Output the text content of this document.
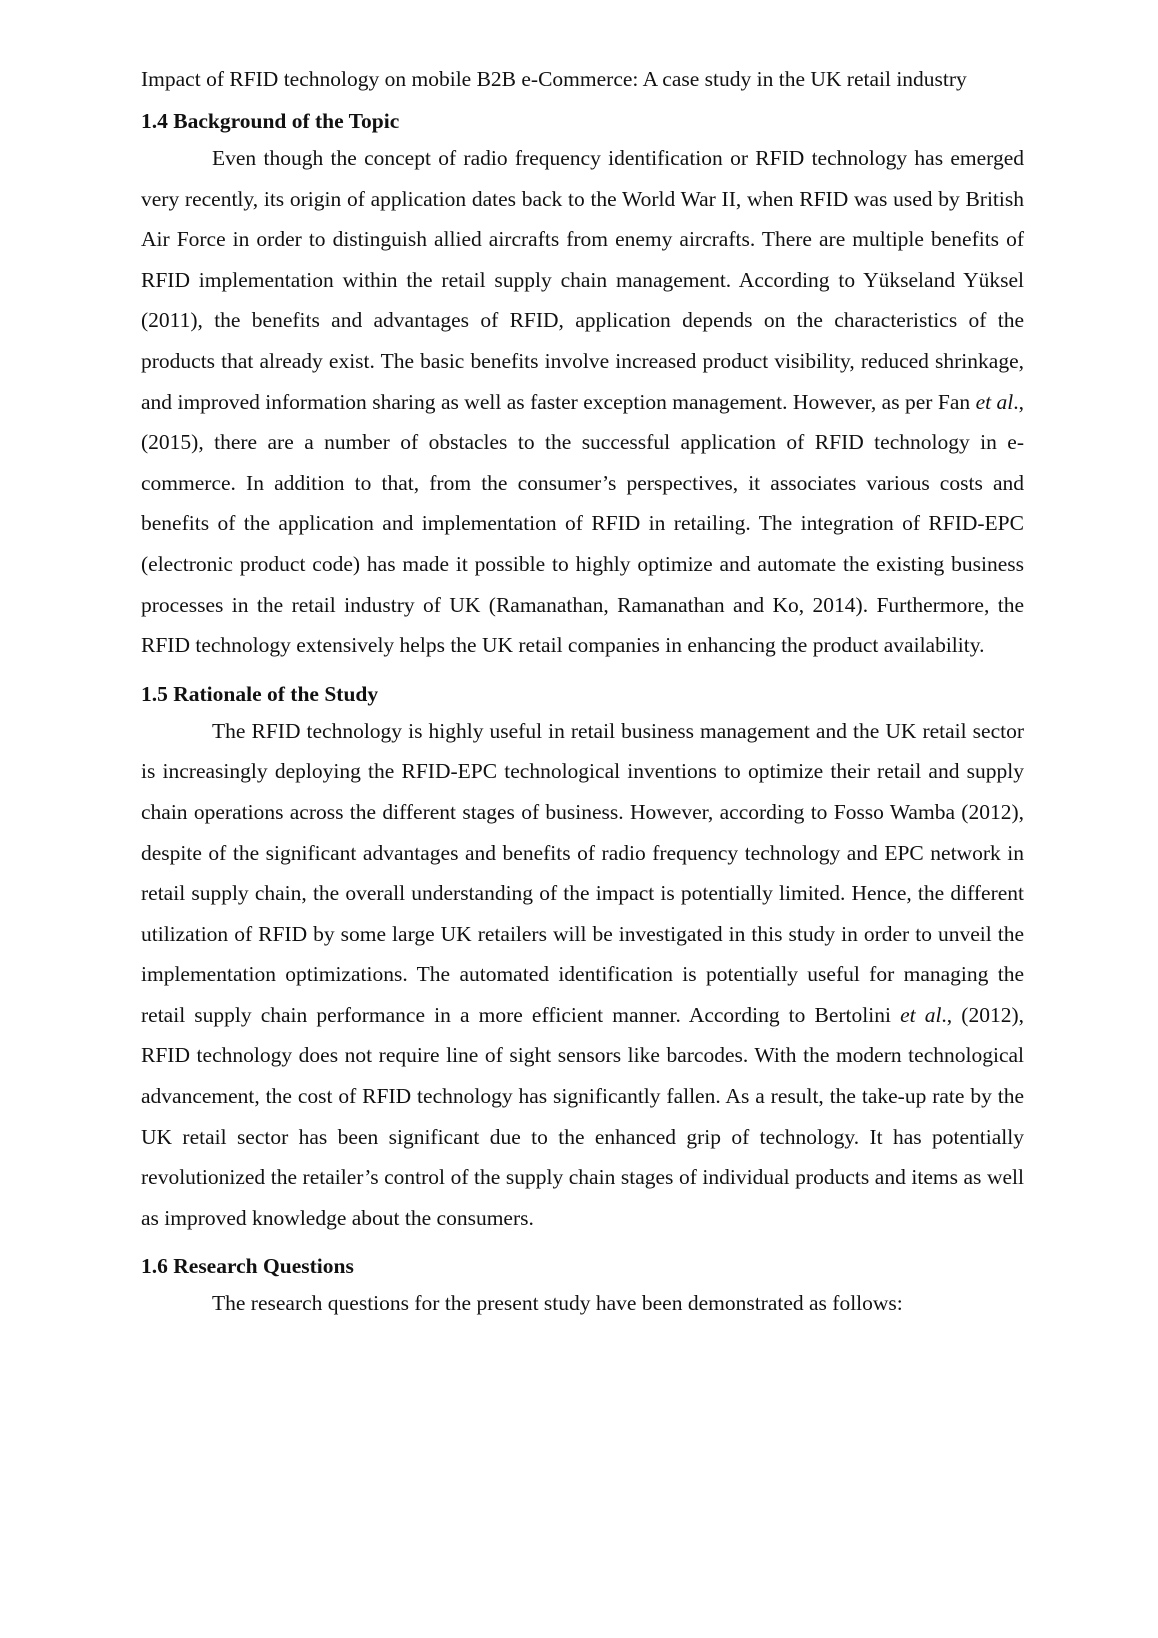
Impact of RFID technology on mobile B2B e-Commerce: A case study in the UK retail industry

1.4 Background of the Topic

Even though the concept of radio frequency identification or RFID technology has emerged very recently, its origin of application dates back to the World War II, when RFID was used by British Air Force in order to distinguish allied aircrafts from enemy aircrafts. There are multiple benefits of RFID implementation within the retail supply chain management. According to Yükseland Yüksel (2011), the benefits and advantages of RFID, application depends on the characteristics of the products that already exist. The basic benefits involve increased product visibility, reduced shrinkage, and improved information sharing as well as faster exception management. However, as per Fan et al., (2015), there are a number of obstacles to the successful application of RFID technology in e-commerce. In addition to that, from the consumer’s perspectives, it associates various costs and benefits of the application and implementation of RFID in retailing. The integration of RFID-EPC (electronic product code) has made it possible to highly optimize and automate the existing business processes in the retail industry of UK (Ramanathan, Ramanathan and Ko, 2014). Furthermore, the RFID technology extensively helps the UK retail companies in enhancing the product availability.

1.5 Rationale of the Study

The RFID technology is highly useful in retail business management and the UK retail sector is increasingly deploying the RFID-EPC technological inventions to optimize their retail and supply chain operations across the different stages of business. However, according to Fosso Wamba (2012), despite of the significant advantages and benefits of radio frequency technology and EPC network in retail supply chain, the overall understanding of the impact is potentially limited. Hence, the different utilization of RFID by some large UK retailers will be investigated in this study in order to unveil the implementation optimizations. The automated identification is potentially useful for managing the retail supply chain performance in a more efficient manner. According to Bertolini et al., (2012), RFID technology does not require line of sight sensors like barcodes. With the modern technological advancement, the cost of RFID technology has significantly fallen. As a result, the take-up rate by the UK retail sector has been significant due to the enhanced grip of technology. It has potentially revolutionized the retailer’s control of the supply chain stages of individual products and items as well as improved knowledge about the consumers.

1.6 Research Questions

The research questions for the present study have been demonstrated as follows:
